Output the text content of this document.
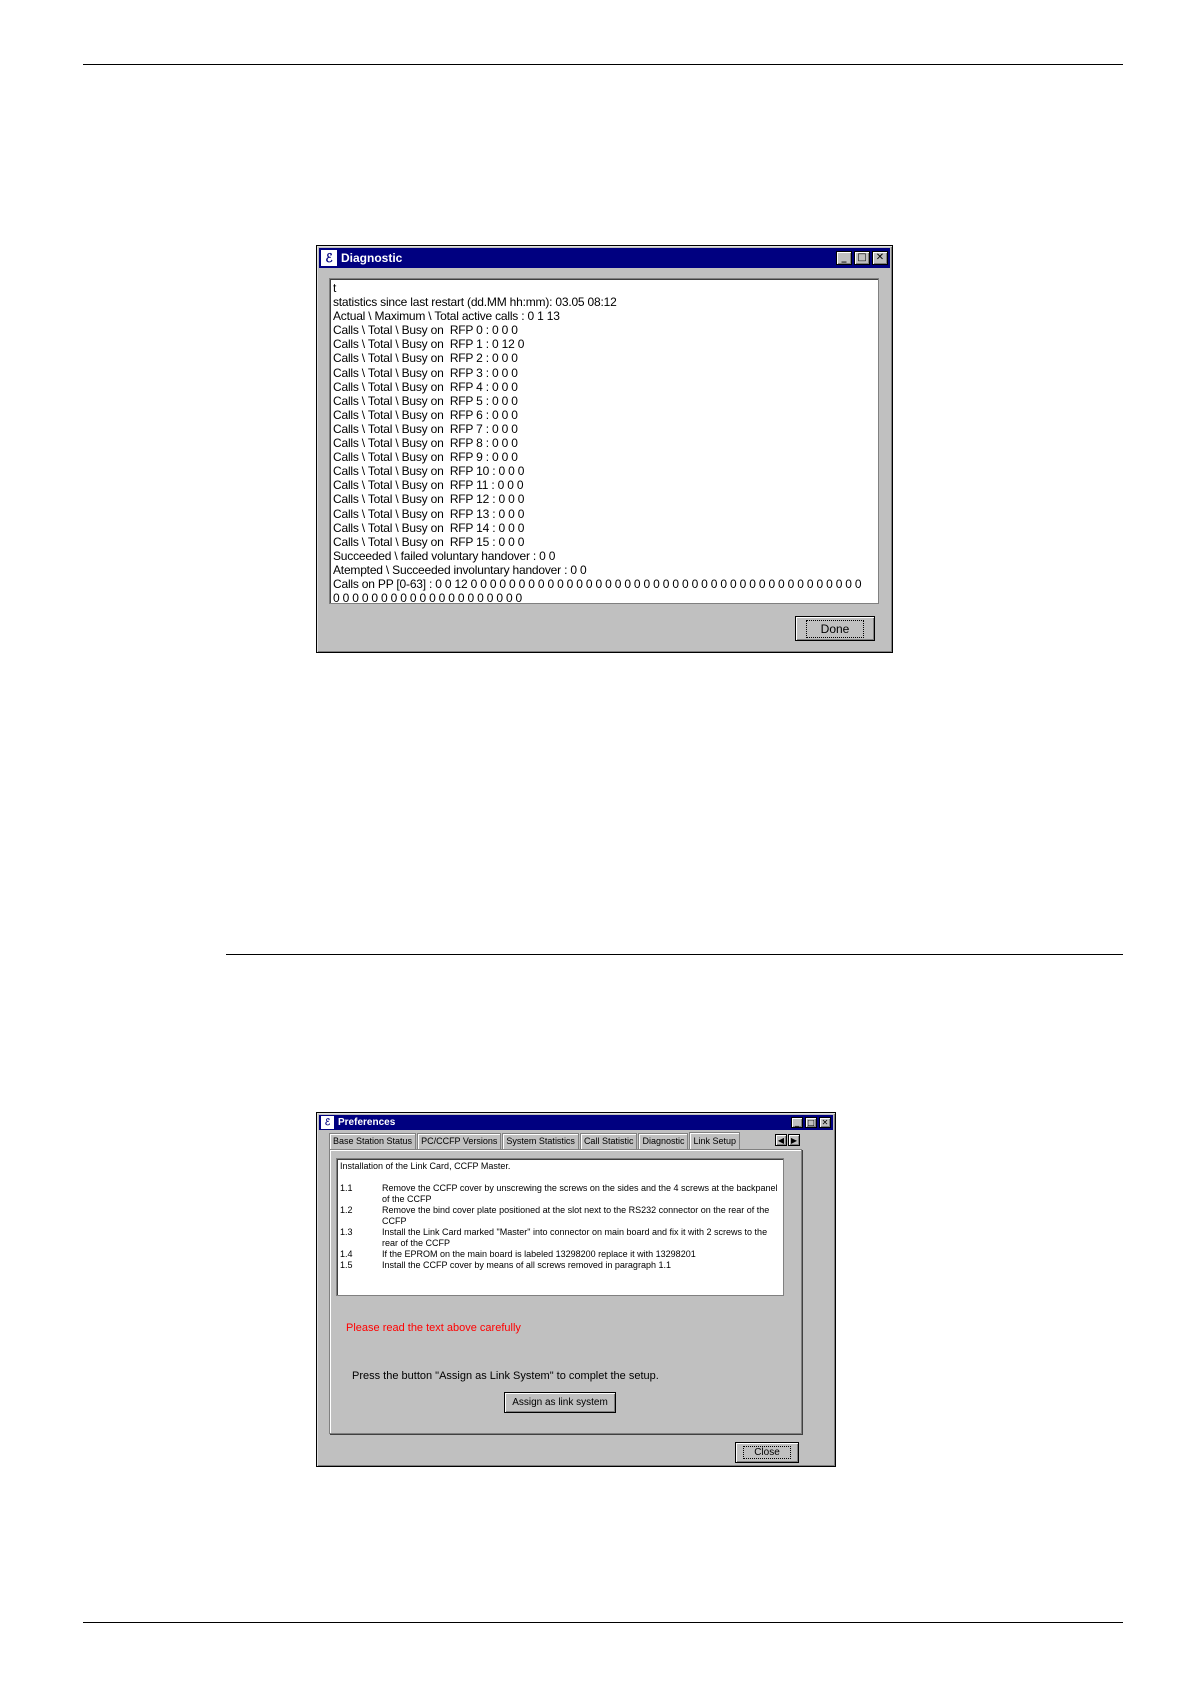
ℰ Diagnostic	_	□ ✕
t
statistics since last restart (dd.MM hh:mm): 03.05 08:12
Actual \ Maximum \ Total active calls : 0 1 13
Calls \ Total \ Busy on  RFP 0 : 0 0 0
Calls \ Total \ Busy on  RFP 1 : 0 12 0
Calls \ Total \ Busy on  RFP 2 : 0 0 0
Calls \ Total \ Busy on  RFP 3 : 0 0 0
Calls \ Total \ Busy on  RFP 4 : 0 0 0
Calls \ Total \ Busy on  RFP 5 : 0 0 0
Calls \ Total \ Busy on  RFP 6 : 0 0 0
Calls \ Total \ Busy on  RFP 7 : 0 0 0
Calls \ Total \ Busy on  RFP 8 : 0 0 0
Calls \ Total \ Busy on  RFP 9 : 0 0 0
Calls \ Total \ Busy on  RFP 10 : 0 0 0
Calls \ Total \ Busy on  RFP 11 : 0 0 0
Calls \ Total \ Busy on  RFP 12 : 0 0 0
Calls \ Total \ Busy on  RFP 13 : 0 0 0
Calls \ Total \ Busy on  RFP 14 : 0 0 0
Calls \ Total \ Busy on  RFP 15 : 0 0 0
Succeeded \ failed voluntary handover : 0 0
Atempted \ Succeeded involuntary handover : 0 0
Calls on PP [0-63] : 0 0 12 0 0 0 0 0 0 0 0 0 0 0 0 0 0 0 0 0 0 0 0 0 0 0 0 0 0 0 0 0 0 0 0 0 0 0 0 0 0 0 0 0
0 0 0 0 0 0 0 0 0 0 0 0 0 0 0 0 0 0 0 0
Done
ℰ Preferences	_	□ ✕
Base Station Status	PC/CCFP Versions	System Statistics	Call Statistic	Diagnostic	Link Setup	◀ ▶
Installation of the Link Card, CCFP Master.
1.1	Remove the CCFP cover by unscrewing the screws on the sides and the 4 screws at the backpanel of the CCFP
1.2	Remove the bind cover plate positioned at the slot next to the RS232 connector on the rear of the CCFP
1.3	Install the Link Card marked "Master" into connector on main board and fix it with 2 screws to the rear of the CCFP
1.4	If the EPROM on the main board is labeled 13298200 replace it with 13298201
1.5	Install the CCFP cover by means of all screws removed in paragraph 1.1
Please read the text above carefully
Press the button "Assign as Link System" to complet the setup.
Assign as link system
Close
